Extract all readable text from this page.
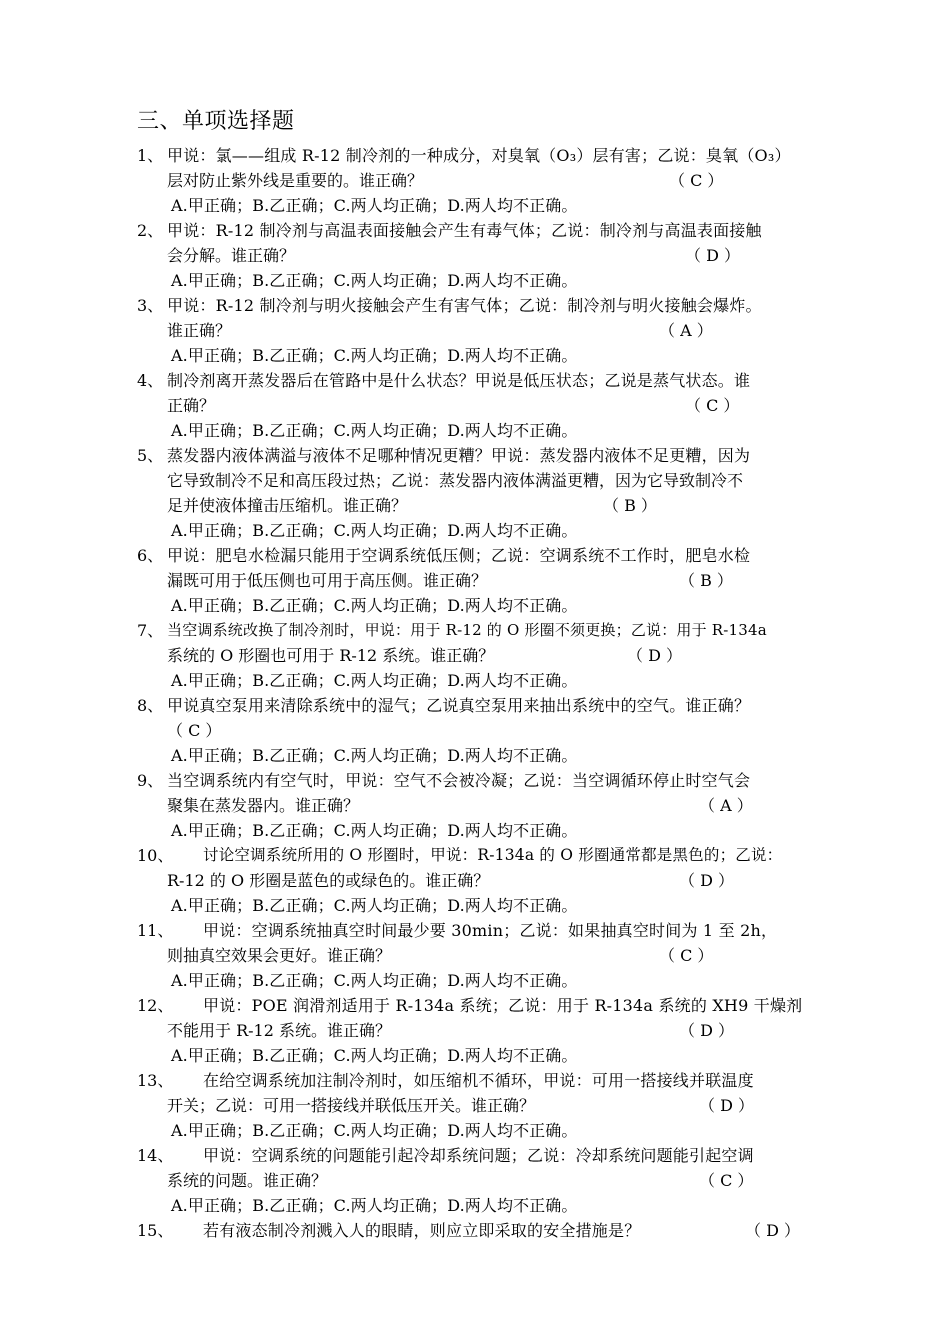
三、单项选择题
1、 甲说：氯——组成 R-12 制冷剂的一种成分，对臭氧（O₃）层有害；乙说：臭氧（O₃）
层对防止紫外线是重要的。谁正确？	（ C ）
A.甲正确；B.乙正确；C.两人均正确；D.两人均不正确。
2、 甲说：R-12 制冷剂与高温表面接触会产生有毒气体；乙说：制冷剂与高温表面接触
会分解。谁正确？	（ D ）
A.甲正确；B.乙正确；C.两人均正确；D.两人均不正确。
3、 甲说：R-12 制冷剂与明火接触会产生有害气体；乙说：制冷剂与明火接触会爆炸。
谁正确？	（ A ）
A.甲正确；B.乙正确；C.两人均正确；D.两人均不正确。
4、 制冷剂离开蒸发器后在管路中是什么状态？甲说是低压状态；乙说是蒸气状态。谁
正确？	（ C ）
A.甲正确；B.乙正确；C.两人均正确；D.两人均不正确。
5、 蒸发器内液体满溢与液体不足哪种情况更糟？甲说：蒸发器内液体不足更糟，因为
它导致制冷不足和高压段过热；乙说：蒸发器内液体满溢更糟，因为它导致制冷不
足并使液体撞击压缩机。谁正确？	（ B ）
A.甲正确；B.乙正确；C.两人均正确；D.两人均不正确。
6、 甲说：肥皂水检漏只能用于空调系统低压侧；乙说：空调系统不工作时，肥皂水检
漏既可用于低压侧也可用于高压侧。谁正确？	（ B ）
A.甲正确；B.乙正确；C.两人均正确；D.两人均不正确。
7、 当空调系统改换了制冷剂时，甲说：用于 R-12 的 O 形圈不须更换；乙说：用于 R-134a
系统的 O 形圈也可用于 R-12 系统。谁正确？	（ D ）
A.甲正确；B.乙正确；C.两人均正确；D.两人均不正确。
8、 甲说真空泵用来清除系统中的湿气；乙说真空泵用来抽出系统中的空气。谁正确？
（ C ）
A.甲正确；B.乙正确；C.两人均正确；D.两人均不正确。
9、 当空调系统内有空气时，甲说：空气不会被冷凝；乙说：当空调循环停止时空气会
聚集在蒸发器内。谁正确？	（ A ）
A.甲正确；B.乙正确；C.两人均正确；D.两人均不正确。
10、 讨论空调系统所用的 O 形圈时，甲说：R-134a 的 O 形圈通常都是黑色的；乙说：
R-12 的 O 形圈是蓝色的或绿色的。谁正确？	（ D ）
A.甲正确；B.乙正确；C.两人均正确；D.两人均不正确。
11、 甲说：空调系统抽真空时间最少要 30min；乙说：如果抽真空时间为 1 至 2h，
则抽真空效果会更好。谁正确？	（ C ）
A.甲正确；B.乙正确；C.两人均正确；D.两人均不正确。
12、 甲说：POE 润滑剂适用于 R-134a 系统；乙说：用于 R-134a 系统的 XH9 干燥剂
不能用于 R-12 系统。谁正确？	（ D ）
A.甲正确；B.乙正确；C.两人均正确；D.两人均不正确。
13、 在给空调系统加注制冷剂时，如压缩机不循环，甲说：可用一搭接线并联温度
开关；乙说：可用一搭接线并联低压开关。谁正确？	（ D ）
A.甲正确；B.乙正确；C.两人均正确；D.两人均不正确。
14、 甲说：空调系统的问题能引起冷却系统问题；乙说：冷却系统问题能引起空调
系统的问题。谁正确？	（ C ）
A.甲正确；B.乙正确；C.两人均正确；D.两人均不正确。
15、 若有液态制冷剂溅入人的眼睛，则应立即采取的安全措施是？	（ D ）
